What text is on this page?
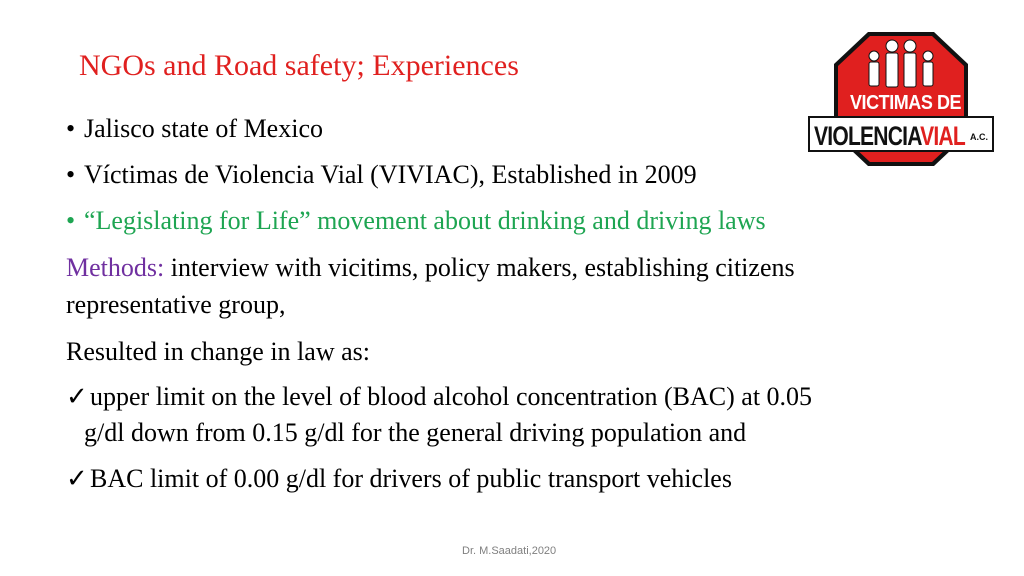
NGOs and Road safety; Experiences
VICTIMAS DE
VIOLENCIAVIAL A.C.
• Jalisco state of Mexico
• Víctimas de Violencia Vial (VIVIAC), Established in 2009
• “Legislating for Life” movement about drinking and driving laws
Methods: interview with vicitims, policy makers, establishing citizens
representative group,
Resulted in change in law as:
✓upper limit on the level of blood alcohol concentration (BAC) at 0.05
g/dl down from 0.15 g/dl for the general driving population and
✓BAC limit of 0.00 g/dl for drivers of public transport vehicles
Dr. M.Saadati,2020
